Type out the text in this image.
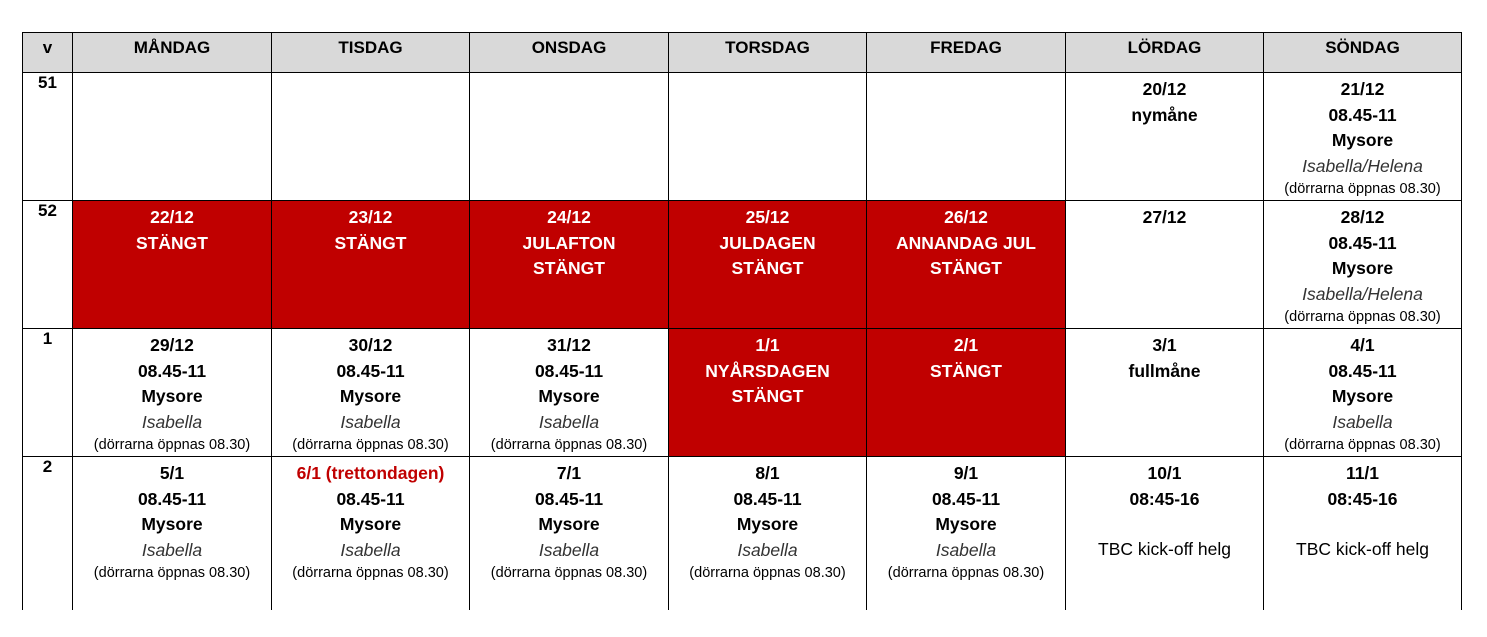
v	MÅNDAG	TISDAG	ONSDAG	TORSDAG	FREDAG	LÖRDAG	SÖNDAG
51						20/12
nymåne	21/12
08.45-11
Mysore
Isabella/Helena
(dörrarna öppnas 08.30)

52	22/12
STÄNGT	23/12
STÄNGT	24/12
JULAFTON
STÄNGT	25/12
JULDAGEN
STÄNGT	26/12
ANNANDAG JUL
STÄNGT	27/12	28/12
08.45-11
Mysore
Isabella/Helena
(dörrarna öppnas 08.30)

1	29/12
08.45-11
Mysore
Isabella
(dörrarna öppnas 08.30)	30/12
08.45-11
Mysore
Isabella
(dörrarna öppnas 08.30)	31/12
08.45-11
Mysore
Isabella
(dörrarna öppnas 08.30)	1/1
NYÅRSDAGEN
STÄNGT	2/1
STÄNGT	3/1
fullmåne	4/1
08.45-11
Mysore
Isabella
(dörrarna öppnas 08.30)

2	5/1
08.45-11
Mysore
Isabella
(dörrarna öppnas 08.30)	6/1 (trettondagen)
08.45-11
Mysore
Isabella
(dörrarna öppnas 08.30)	7/1
08.45-11
Mysore
Isabella
(dörrarna öppnas 08.30)	8/1
08.45-11
Mysore
Isabella
(dörrarna öppnas 08.30)	9/1
08.45-11
Mysore
Isabella
(dörrarna öppnas 08.30)	10/1
08:45-16
TBC kick-off helg	11/1
08:45-16
TBC kick-off helg
